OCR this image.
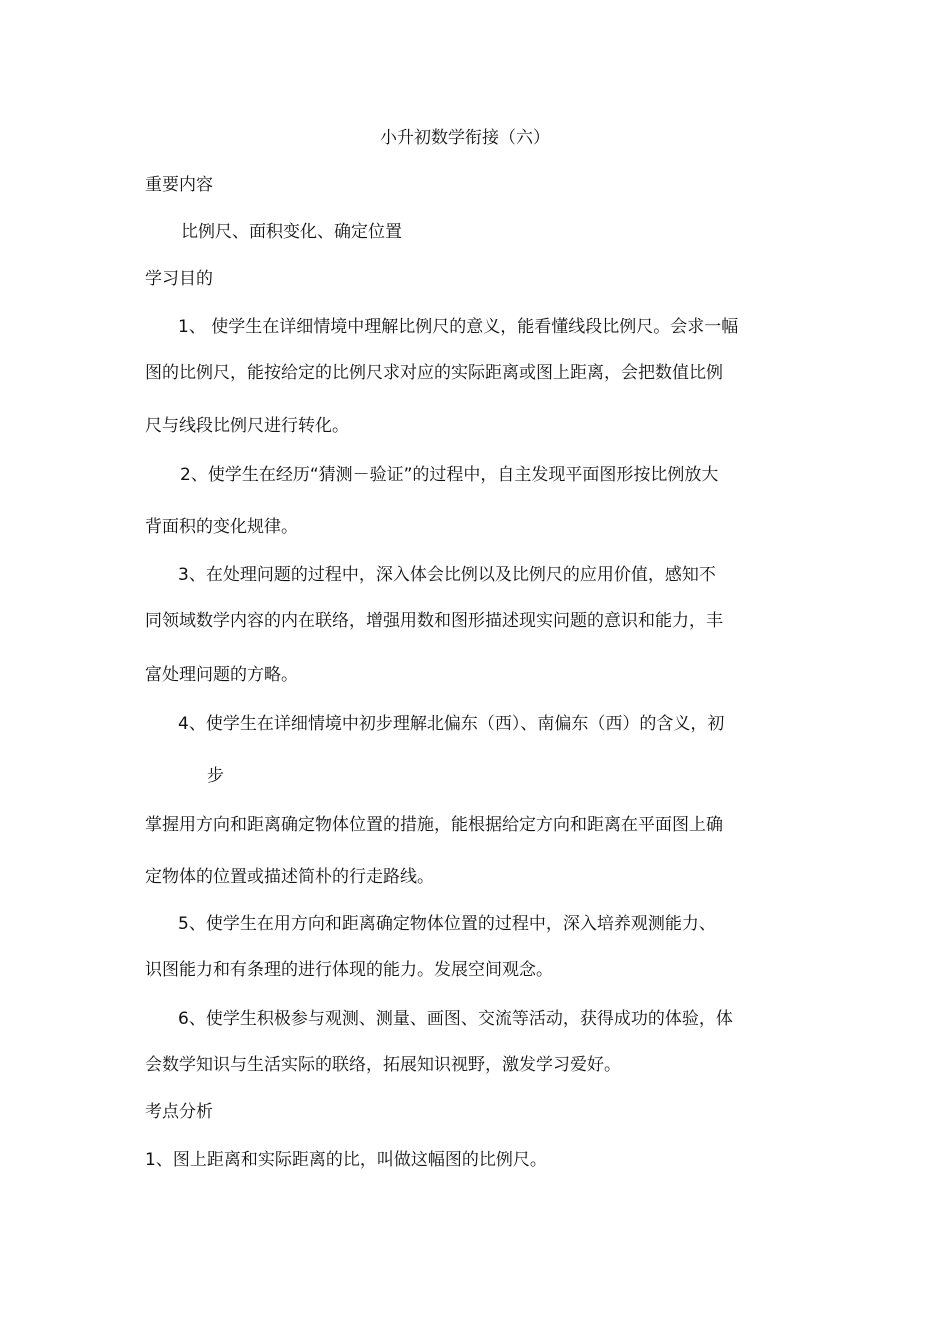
小升初数学衔接（六）

重要内容

比例尺、面积变化、确定位置

学习目的

1、 使学生在详细情境中理解比例尺的意义，能看懂线段比例尺。会求一幅

图的比例尺，能按给定的比例尺求对应的实际距离或图上距离，会把数值比例

尺与线段比例尺进行转化。

2、使学生在经历“猜测－验证”的过程中，自主发现平面图形按比例放大

背面积的变化规律。

3、在处理问题的过程中，深入体会比例以及比例尺的应用价值，感知不

同领域数学内容的内在联络，增强用数和图形描述现实问题的意识和能力，丰

富处理问题的方略。

4、使学生在详细情境中初步理解北偏东（西）、南偏东（西）的含义，初

步

掌握用方向和距离确定物体位置的措施，能根据给定方向和距离在平面图上确

定物体的位置或描述简朴的行走路线。

5、使学生在用方向和距离确定物体位置的过程中，深入培养观测能力、

识图能力和有条理的进行体现的能力。发展空间观念。

6、使学生积极参与观测、测量、画图、交流等活动，获得成功的体验，体

会数学知识与生活实际的联络，拓展知识视野，激发学习爱好。

考点分析

1、图上距离和实际距离的比，叫做这幅图的比例尺。
